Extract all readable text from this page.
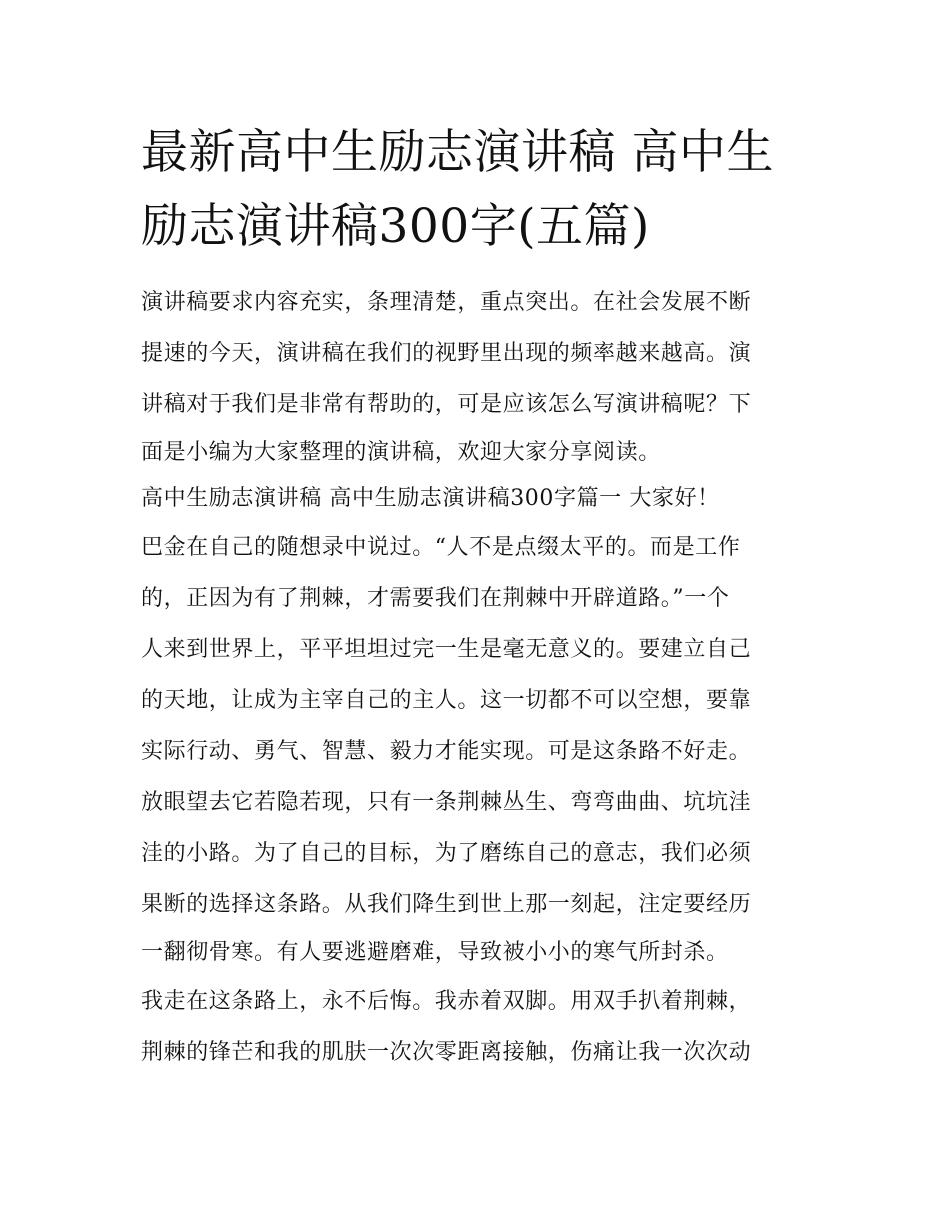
最新高中生励志演讲稿 高中生励志演讲稿300字(五篇)
演讲稿要求内容充实，条理清楚，重点突出。在社会发展不断
提速的今天，演讲稿在我们的视野里出现的频率越来越高。演
讲稿对于我们是非常有帮助的，可是应该怎么写演讲稿呢？下
面是小编为大家整理的演讲稿，欢迎大家分享阅读。
高中生励志演讲稿 高中生励志演讲稿300字篇一 大家好！
巴金在自己的随想录中说过。“人不是点缀太平的。而是工作
的，正因为有了荆棘，才需要我们在荆棘中开辟道路。”一个
人来到世界上，平平坦坦过完一生是毫无意义的。要建立自己
的天地，让成为主宰自己的主人。这一切都不可以空想，要靠
实际行动、勇气、智慧、毅力才能实现。可是这条路不好走。
放眼望去它若隐若现，只有一条荆棘丛生、弯弯曲曲、坑坑洼
洼的小路。为了自己的目标，为了磨练自己的意志，我们必须
果断的选择这条路。从我们降生到世上那一刻起，注定要经历
一翻彻骨寒。有人要逃避磨难，导致被小小的寒气所封杀。
我走在这条路上，永不后悔。我赤着双脚。用双手扒着荆棘，
荆棘的锋芒和我的肌肤一次次零距离接触，伤痛让我一次次动
